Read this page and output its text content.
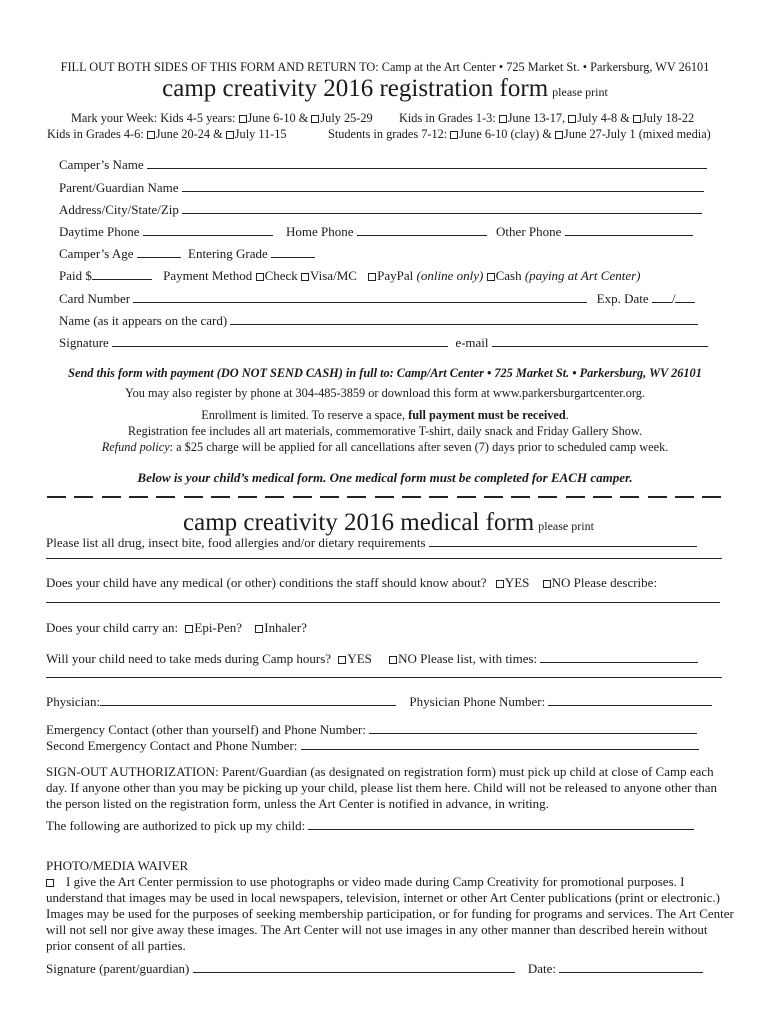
FILL OUT BOTH SIDES OF THIS FORM AND RETURN TO: Camp at the Art Center • 725 Market St. • Parkersburg, WV 26101
camp creativity 2016 registration form please print
Mark your Week: Kids 4-5 years: June 6-10 & July 25-29 Kids in Grades 1-3: June 13-17, July 4-8 & July 18-22
Kids in Grades 4-6: June 20-24 & July 11-15	Students in grades 7-12: June 6-10 (clay) & June 27-July 1 (mixed media)
Camper’s Name
Parent/Guardian Name
Address/City/State/Zip
Daytime Phone	Home Phone	Other Phone
Camper’s Age	Entering Grade
Paid $	Payment Method Check Visa/MC PayPal (online only) Cash (paying at Art Center)
Card Number	Exp. Date /
Name (as it appears on the card)
Signature	e-mail
Send this form with payment (DO NOT SEND CASH) in full to: Camp/Art Center • 725 Market St. • Parkersburg, WV 26101
You may also register by phone at 304-485-3859 or download this form at www.parkersburgartcenter.org.
Enrollment is limited. To reserve a space, full payment must be received.
Registration fee includes all art materials, commemorative T-shirt, daily snack and Friday Gallery Show.
Refund policy: a $25 charge will be applied for all cancellations after seven (7) days prior to scheduled camp week.
Below is your child’s medical form. One medical form must be completed for EACH camper.
camp creativity 2016 medical form please print
Please list all drug, insect bite, food allergies and/or dietary requirements
Does your child have any medical (or other) conditions the staff should know about? YES NO Please describe:
Does your child carry an: Epi-Pen? Inhaler?
Will your child need to take meds during Camp hours? YES NO Please list, with times:
Physician:	Physician Phone Number:
Emergency Contact (other than yourself) and Phone Number:
Second Emergency Contact and Phone Number:
SIGN-OUT AUTHORIZATION: Parent/Guardian (as designated on registration form) must pick up child at close of Camp each day. If anyone other than you may be picking up your child, please list them here. Child will not be released to anyone other than the person listed on the registration form, unless the Art Center is notified in advance, in writing.
The following are authorized to pick up my child:
PHOTO/MEDIA WAIVER
I give the Art Center permission to use photographs or video made during Camp Creativity for promotional purposes. I understand that images may be used in local newspapers, television, internet or other Art Center publications (print or electronic.) Images may be used for the purposes of seeking membership participation, or for funding for programs and services. The Art Center will not sell nor give away these images. The Art Center will not use images in any other manner than described herein without prior consent of all parties.
Signature (parent/guardian)	Date:
